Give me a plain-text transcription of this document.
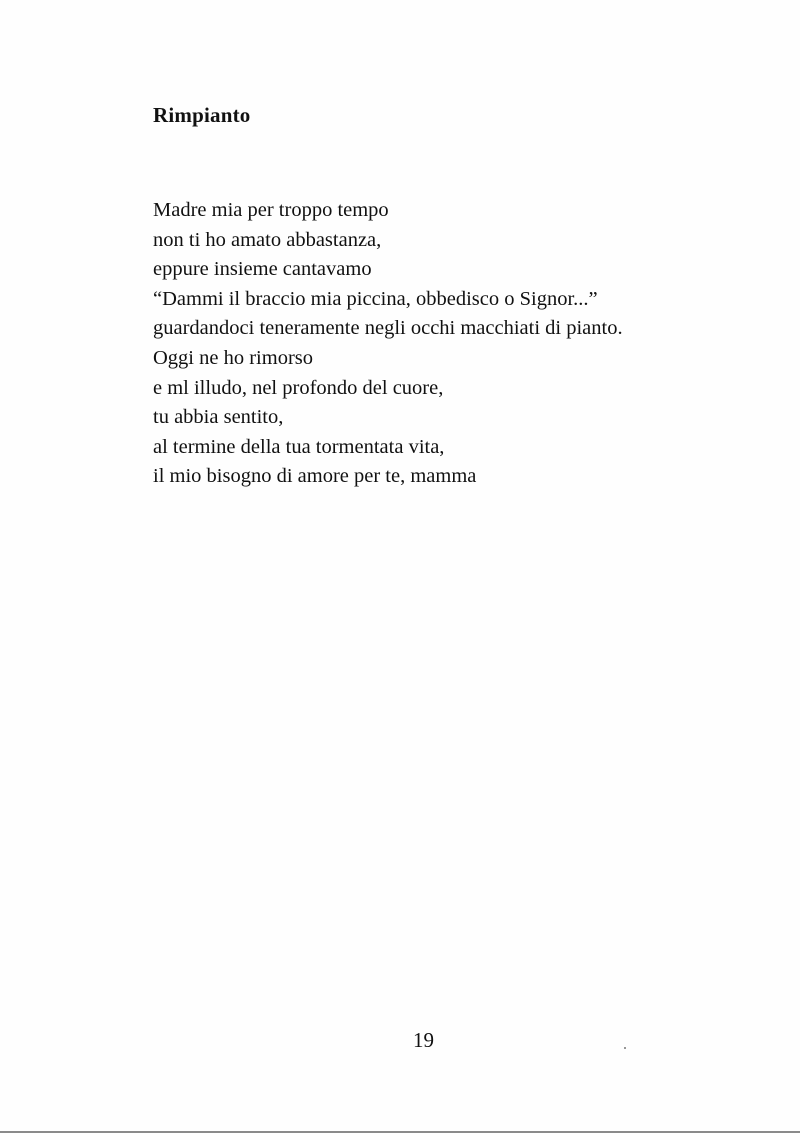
Rimpianto
Madre mia per troppo tempo
non ti ho amato abbastanza,
eppure insieme cantavamo
“Dammi il braccio mia piccina, obbedisco o Signor...”
guardandoci teneramente negli occhi macchiati di pianto.
Oggi ne ho rimorso
e ml illudo, nel profondo del cuore,
tu abbia sentito,
al termine della tua tormentata vita,
il mio bisogno di amore per te, mamma
19
